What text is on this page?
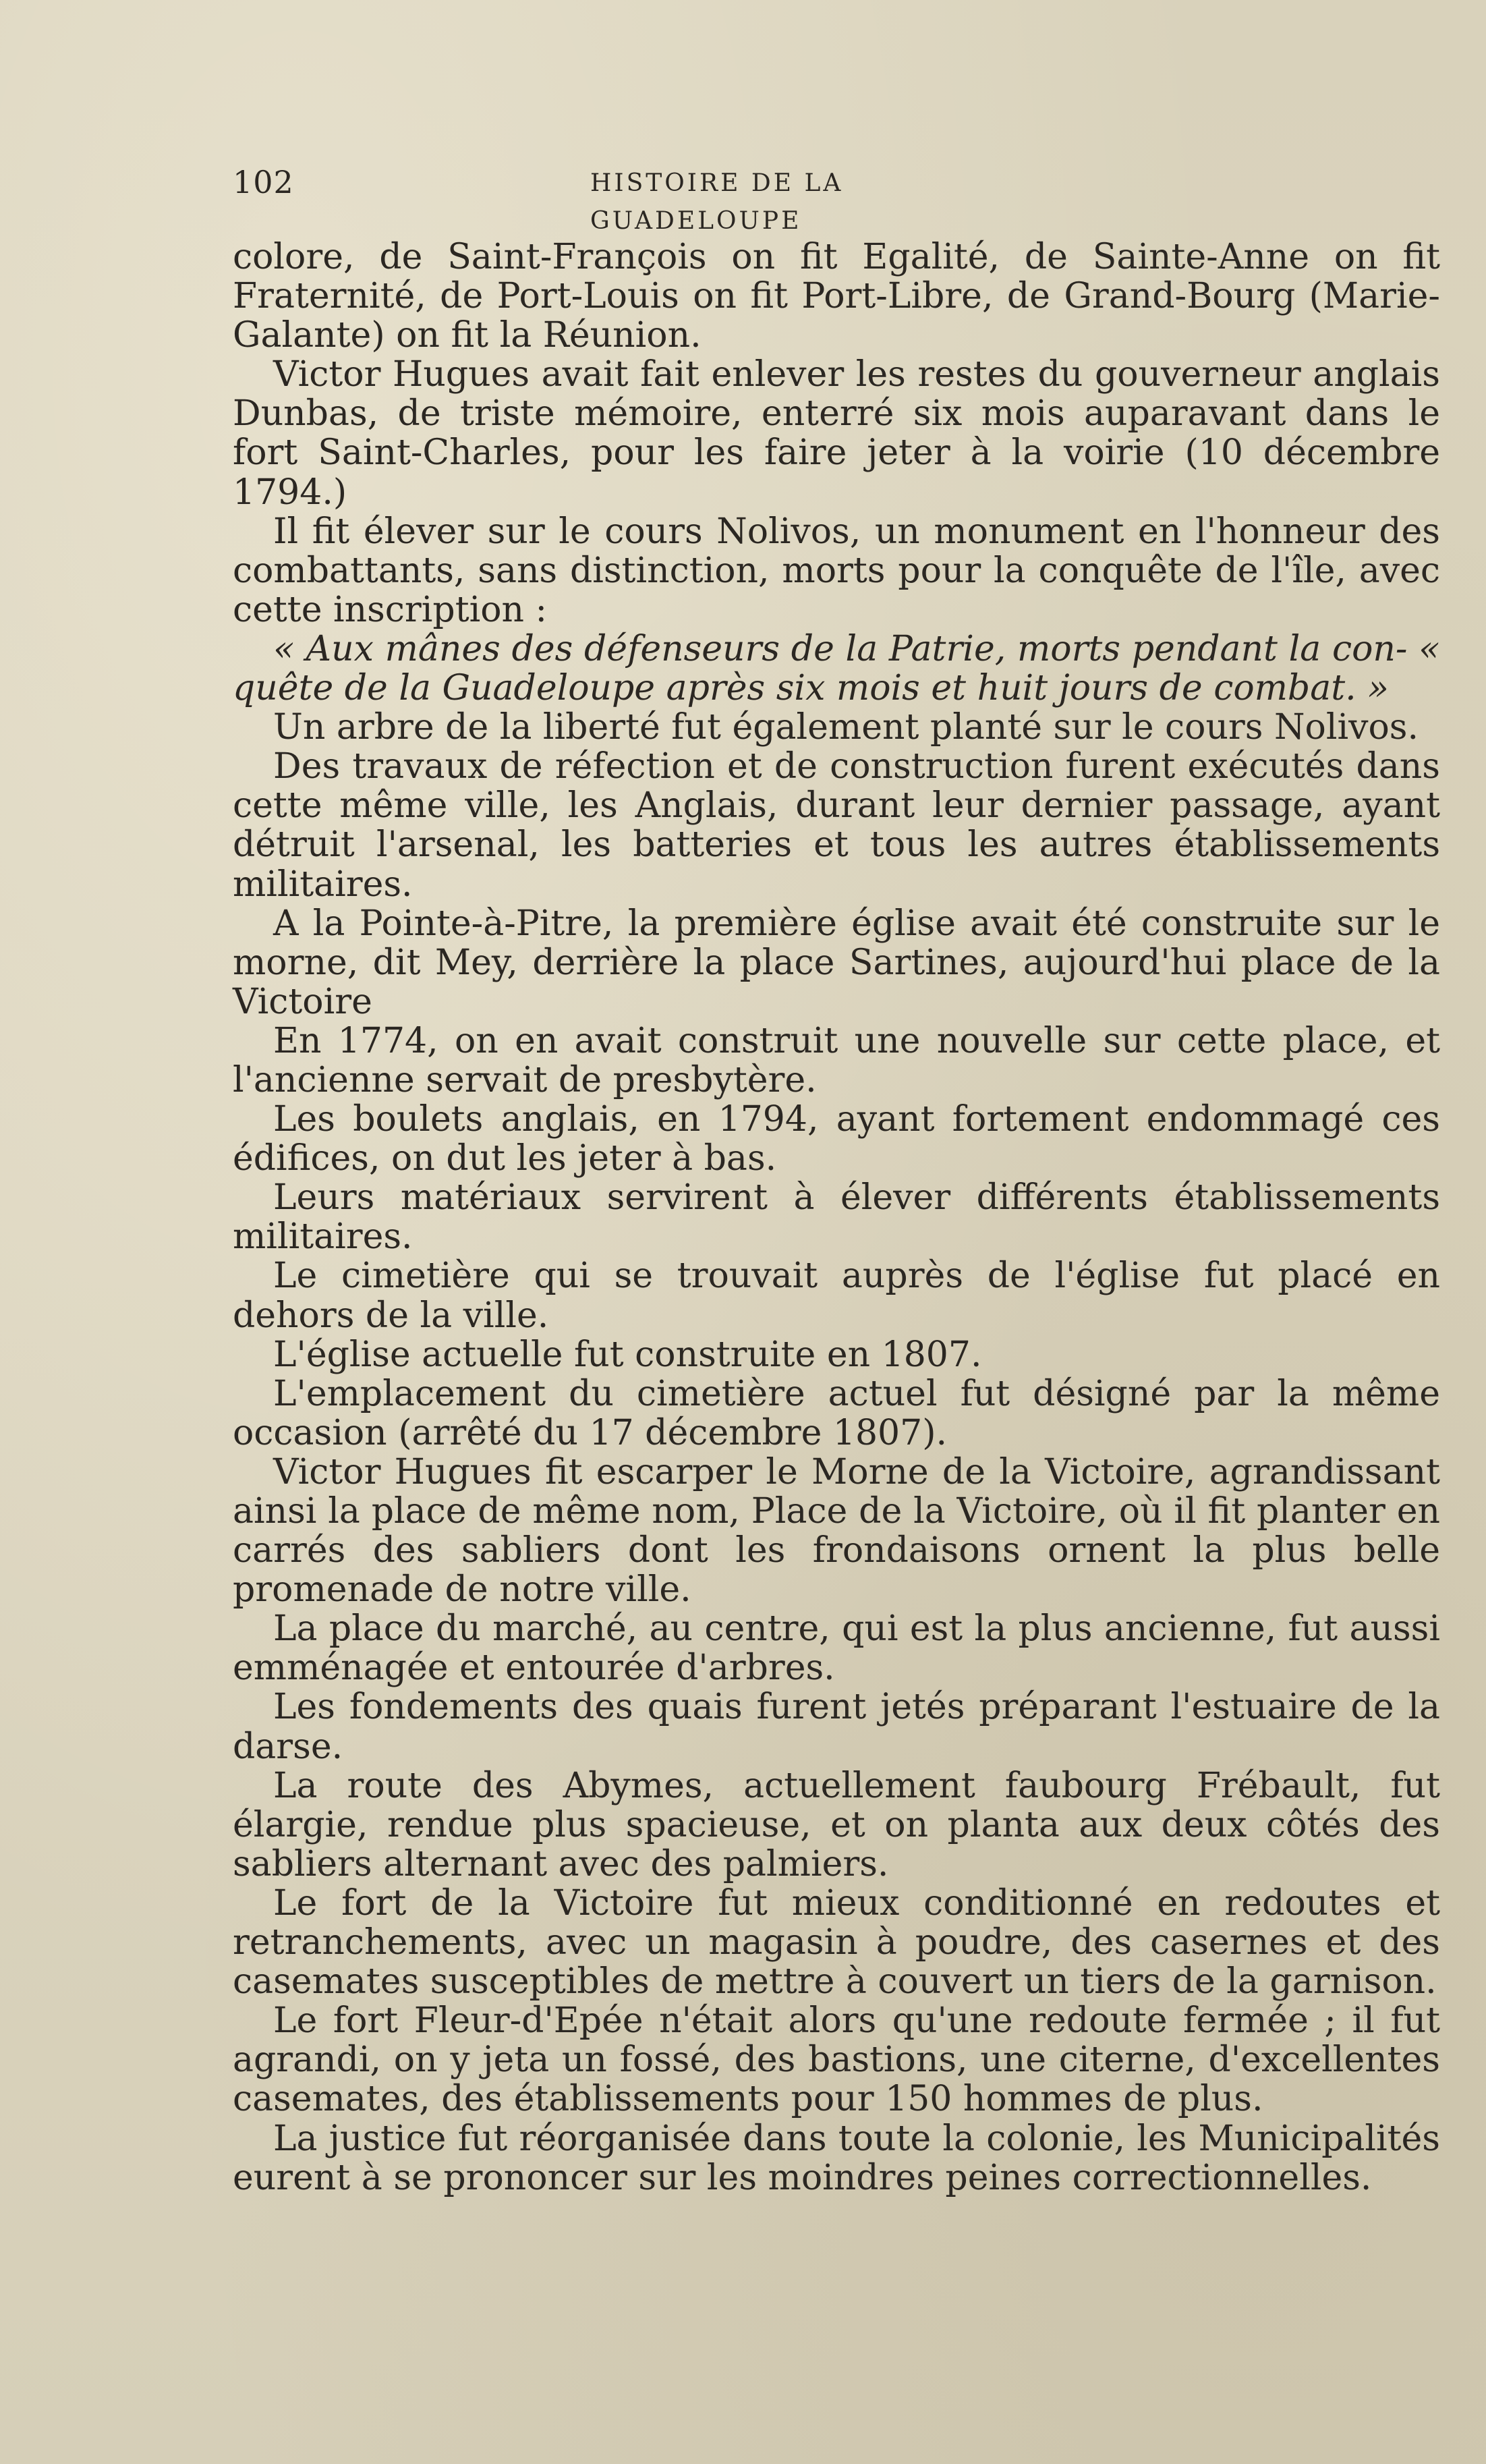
102	HISTOIRE DE LA GUADELOUPE

colore, de Saint-François on fit Egalité, de Sainte-Anne on fit Fraternité, de Port-Louis on fit Port-Libre, de Grand-Bourg (Marie-Galante) on fit la Réunion.

Victor Hugues avait fait enlever les restes du gouverneur anglais Dunbas, de triste mémoire, enterré six mois auparavant dans le fort Saint-Charles, pour les faire jeter à la voirie (10 décembre 1794.)

Il fit élever sur le cours Nolivos, un monument en l'honneur des combattants, sans distinction, morts pour la conquête de l'île, avec cette inscription :

« Aux mânes des défenseurs de la Patrie, morts pendant la con- « quête de la Guadeloupe après six mois et huit jours de combat. »

Un arbre de la liberté fut également planté sur le cours Nolivos.

Des travaux de réfection et de construction furent exécutés dans cette même ville, les Anglais, durant leur dernier passage, ayant détruit l'arsenal, les batteries et tous les autres établissements militaires.

A la Pointe-à-Pitre, la première église avait été construite sur le morne, dit Mey, derrière la place Sartines, aujourd'hui place de la Victoire

En 1774, on en avait construit une nouvelle sur cette place, et l'ancienne servait de presbytère.

Les boulets anglais, en 1794, ayant fortement endommagé ces édifices, on dut les jeter à bas.

Leurs matériaux servirent à élever différents établissements militaires.

Le cimetière qui se trouvait auprès de l'église fut placé en dehors de la ville.

L'église actuelle fut construite en 1807.

L'emplacement du cimetière actuel fut désigné par la même occasion (arrêté du 17 décembre 1807).

Victor Hugues fit escarper le Morne de la Victoire, agrandissant ainsi la place de même nom, Place de la Victoire, où il fit planter en carrés des sabliers dont les frondaisons ornent la plus belle promenade de notre ville.

La place du marché, au centre, qui est la plus ancienne, fut aussi emménagée et entourée d'arbres.

Les fondements des quais furent jetés préparant l'estuaire de la darse.

La route des Abymes, actuellement faubourg Frébault, fut élargie, rendue plus spacieuse, et on planta aux deux côtés des sabliers alternant avec des palmiers.

Le fort de la Victoire fut mieux conditionné en redoutes et retranchements, avec un magasin à poudre, des casernes et des casemates susceptibles de mettre à couvert un tiers de la garnison.

Le fort Fleur-d'Epée n'était alors qu'une redoute fermée ; il fut agrandi, on y jeta un fossé, des bastions, une citerne, d'excellentes casemates, des établissements pour 150 hommes de plus.

La justice fut réorganisée dans toute la colonie, les Municipalités eurent à se prononcer sur les moindres peines correctionnelles.
